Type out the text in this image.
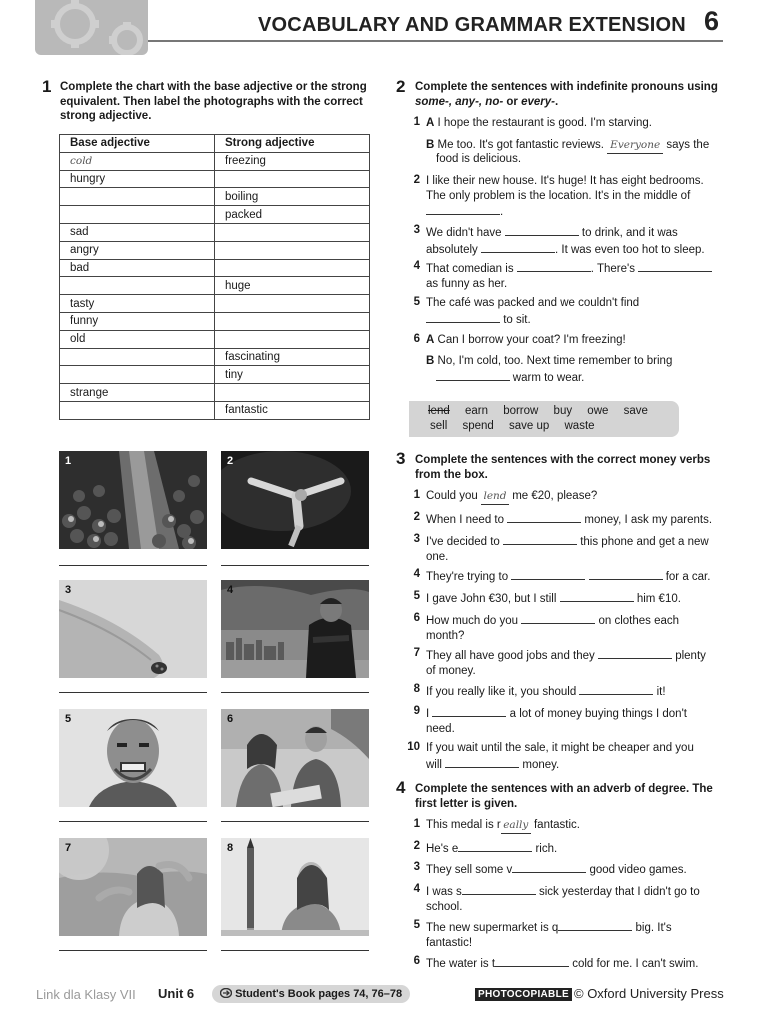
VOCABULARY AND GRAMMAR EXTENSION 6
1 Complete the chart with the base adjective or the strong equivalent. Then label the photographs with the correct strong adjective.
Base adjective	Strong adjective
cold	freezing
hungry	
	boiling
	packed
sad	
angry	
bad	
	huge
tasty	
funny	
old	
	fascinating
	tiny
strange	
	fantastic
1	2
3	4
5	6
7	8
2 Complete the sentences with indefinite pronouns using
some-, any-, no- or every-.
1 A I hope the restaurant is good. I'm starving.
B Me too. It's got fantastic reviews. Everyone says the
food is delicious.
2 I like their new house. It's huge! It has eight bedrooms.
The only problem is the location. It's in the middle of
.
3 We didn't have	to drink, and it was
absolutely	. It was even too hot to sleep.
4 That comedian is	. There's
as funny as her.
5 The café was packed and we couldn't find
to sit.
6 A Can I borrow your coat? I'm freezing!
B No, I'm cold, too. Next time remember to bring
warm to wear.
lend earn borrow buy owe save
sell spend save up waste
3 Complete the sentences with the correct money verbs from the box.
1 Could you lend me €20, please?
2 When I need to	money, I ask my parents.
3 I've decided to	this phone and get a new
one.
4 They're trying to	for a car.
5 I gave John €30, but I still	him €10.
6 How much do you	on clothes each
month?
7 They all have good jobs and they	plenty
of money.
8 If you really like it, you should	it!
9 I	a lot of money buying things I don't
need.
10 If you wait until the sale, it might be cheaper and you
will	money.
4 Complete the sentences with an adverb of degree. The first letter is given.
1 This medal is r eally fantastic.
2 He's e	rich.
3 They sell some v	good video games.
4 I was s	sick yesterday that I didn't go to
school.
5 The new supermarket is q	big. It's
fantastic!
6 The water is t	cold for me. I can't swim.
Link dla Klasy VII Unit 6	Student's Book pages 74, 76–78	PHOTOCOPIABLE © Oxford University Press
